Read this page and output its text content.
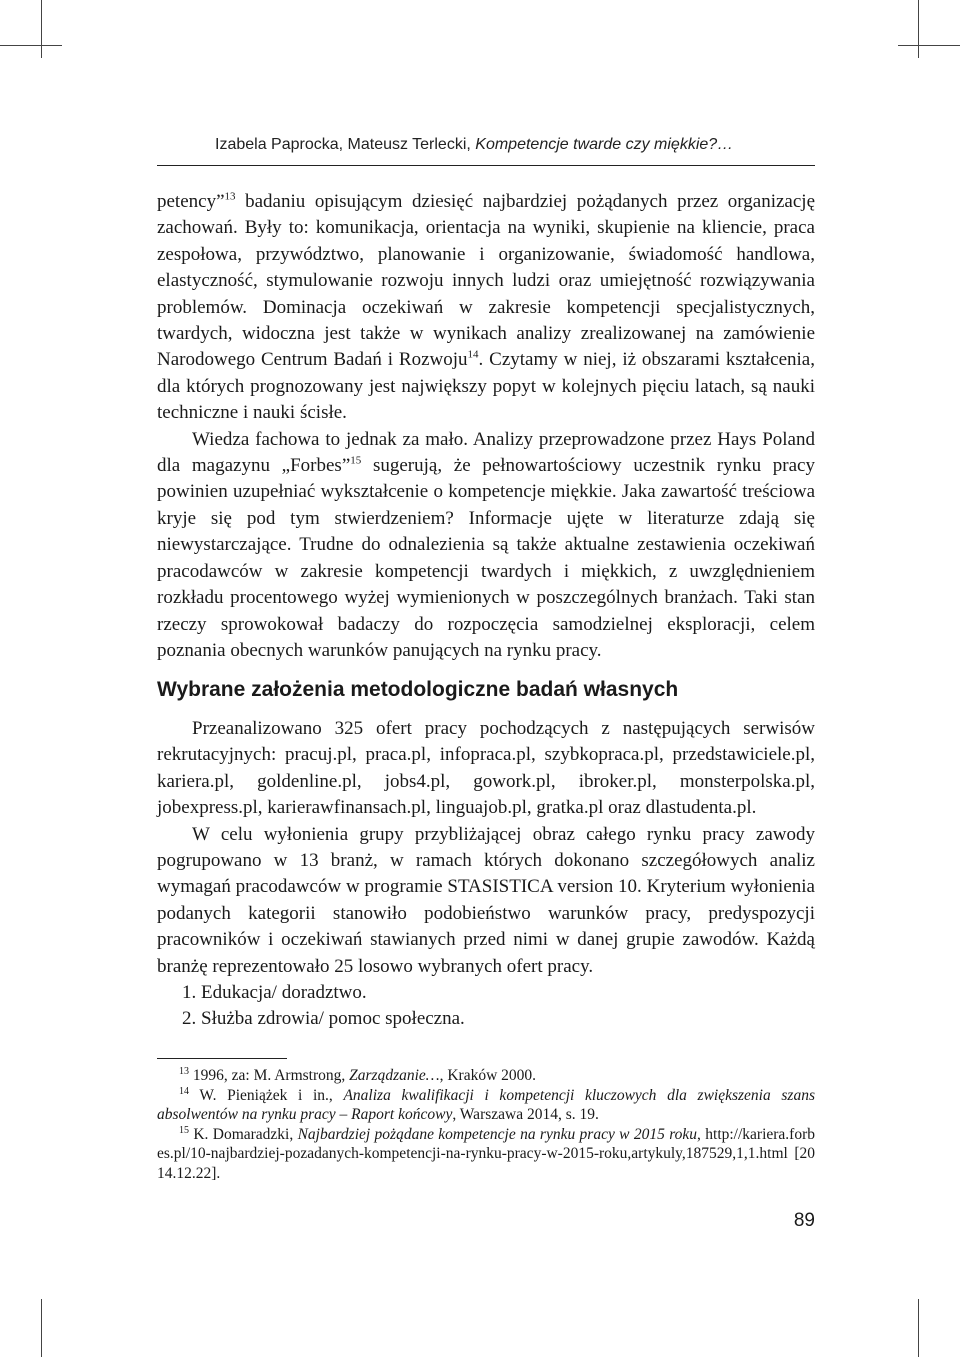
Izabela Paprocka, Mateusz Terlecki, Kompetencje twarde czy miękkie?…

petency”$^{13}$ badaniu opisującym dziesięć najbardziej pożądanych przez organizację zachowań. Były to: komunikacja, orientacja na wyniki, skupienie na kliencie, praca zespołowa, przywództwo, planowanie i organizowanie, świadomość handlowa, elastyczność, stymulowanie rozwoju innych ludzi oraz umiejętność rozwiązywania problemów. Dominacja oczekiwań w zakresie kompetencji specjalistycznych, twardych, widoczna jest także w wynikach analizy zrealizowanej na zamówienie Narodowego Centrum Badań i Rozwoju$^{14}$. Czytamy w niej, iż obszarami kształcenia, dla których prognozowany jest największy popyt w kolejnych pięciu latach, są nauki techniczne i nauki ścisłe.

Wiedza fachowa to jednak za mało. Analizy przeprowadzone przez Hays Poland dla magazynu „Forbes”$^{15}$ sugerują, że pełnowartościowy uczestnik rynku pracy powinien uzupełniać wykształcenie o kompetencje miękkie. Jaka zawartość treściowa kryje się pod tym stwierdzeniem? Informacje ujęte w literaturze zdają się niewystarczające. Trudne do odnalezienia są także aktualne zestawienia oczekiwań pracodawców w zakresie kompetencji twardych i miękkich, z uwzględnieniem rozkładu procentowego wyżej wymienionych w poszczególnych branżach. Taki stan rzeczy sprowokował badaczy do rozpoczęcia samodzielnej eksploracji, celem poznania obecnych warunków panujących na rynku pracy.

Wybrane założenia metodologiczne badań własnych

Przeanalizowano 325 ofert pracy pochodzących z następujących serwisów rekrutacyjnych: pracuj.pl, praca.pl, infopraca.pl, szybkopraca.pl, przedstawiciele.pl, kariera.pl, goldenline.pl, jobs4.pl, gowork.pl, ibroker.pl, monsterpolska.pl, jobexpress.pl, karierawfinansach.pl, linguajob.pl, gratka.pl oraz dlastudenta.pl.

W celu wyłonienia grupy przybliżającej obraz całego rynku pracy zawody pogrupowano w 13 branż, w ramach których dokonano szczegółowych analiz wymagań pracodawców w programie STASISTICA version 10. Kryterium wyłonienia podanych kategorii stanowiło podobieństwo warunków pracy, predyspozycji pracowników i oczekiwań stawianych przed nimi w danej grupie zawodów. Każdą branżę reprezentowało 25 losowo wybranych ofert pracy.

1. Edukacja/ doradztwo.
2. Służba zdrowia/ pomoc społeczna.

$^{13}$ 1996, za: M. Armstrong, Zarządzanie…, Kraków 2000.

$^{14}$ W. Pieniążek i in., Analiza kwalifikacji i kompetencji kluczowych dla zwiększenia szans absolwentów na rynku pracy – Raport końcowy, Warszawa 2014, s. 19.

$^{15}$ K. Domaradzki, Najbardziej pożądane kompetencje na rynku pracy w 2015 roku, http://kariera.forbes.pl/10-najbardziej-pozadanych-kompetencji-na-rynku-pracy-w-2015-roku,artykuly,187529,1,1.html [2014.12.22].

89
